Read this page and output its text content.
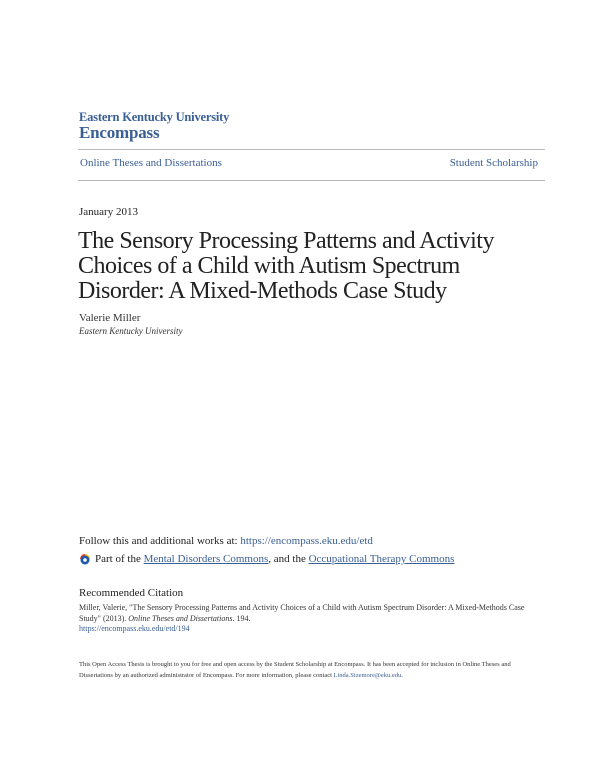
Eastern Kentucky University
Encompass
Online Theses and Dissertations	Student Scholarship
January 2013
The Sensory Processing Patterns and Activity Choices of a Child with Autism Spectrum Disorder: A Mixed-Methods Case Study
Valerie Miller
Eastern Kentucky University
Follow this and additional works at: https://encompass.eku.edu/etd
Part of the
Mental Disorders Commons , and the
Occupational Therapy Commons
Recommended Citation
Miller, Valerie, "The Sensory Processing Patterns and Activity Choices of a Child with Autism Spectrum Disorder: A Mixed-Methods Case Study" (2013). Online Theses and Dissertations. 194.
https://encompass.eku.edu/etd/194
This Open Access Thesis is brought to you for free and open access by the Student Scholarship at Encompass. It has been accepted for inclusion in Online Theses and Dissertations by an authorized administrator of Encompass. For more information, please contact Linda.Sizemore@eku.edu.
